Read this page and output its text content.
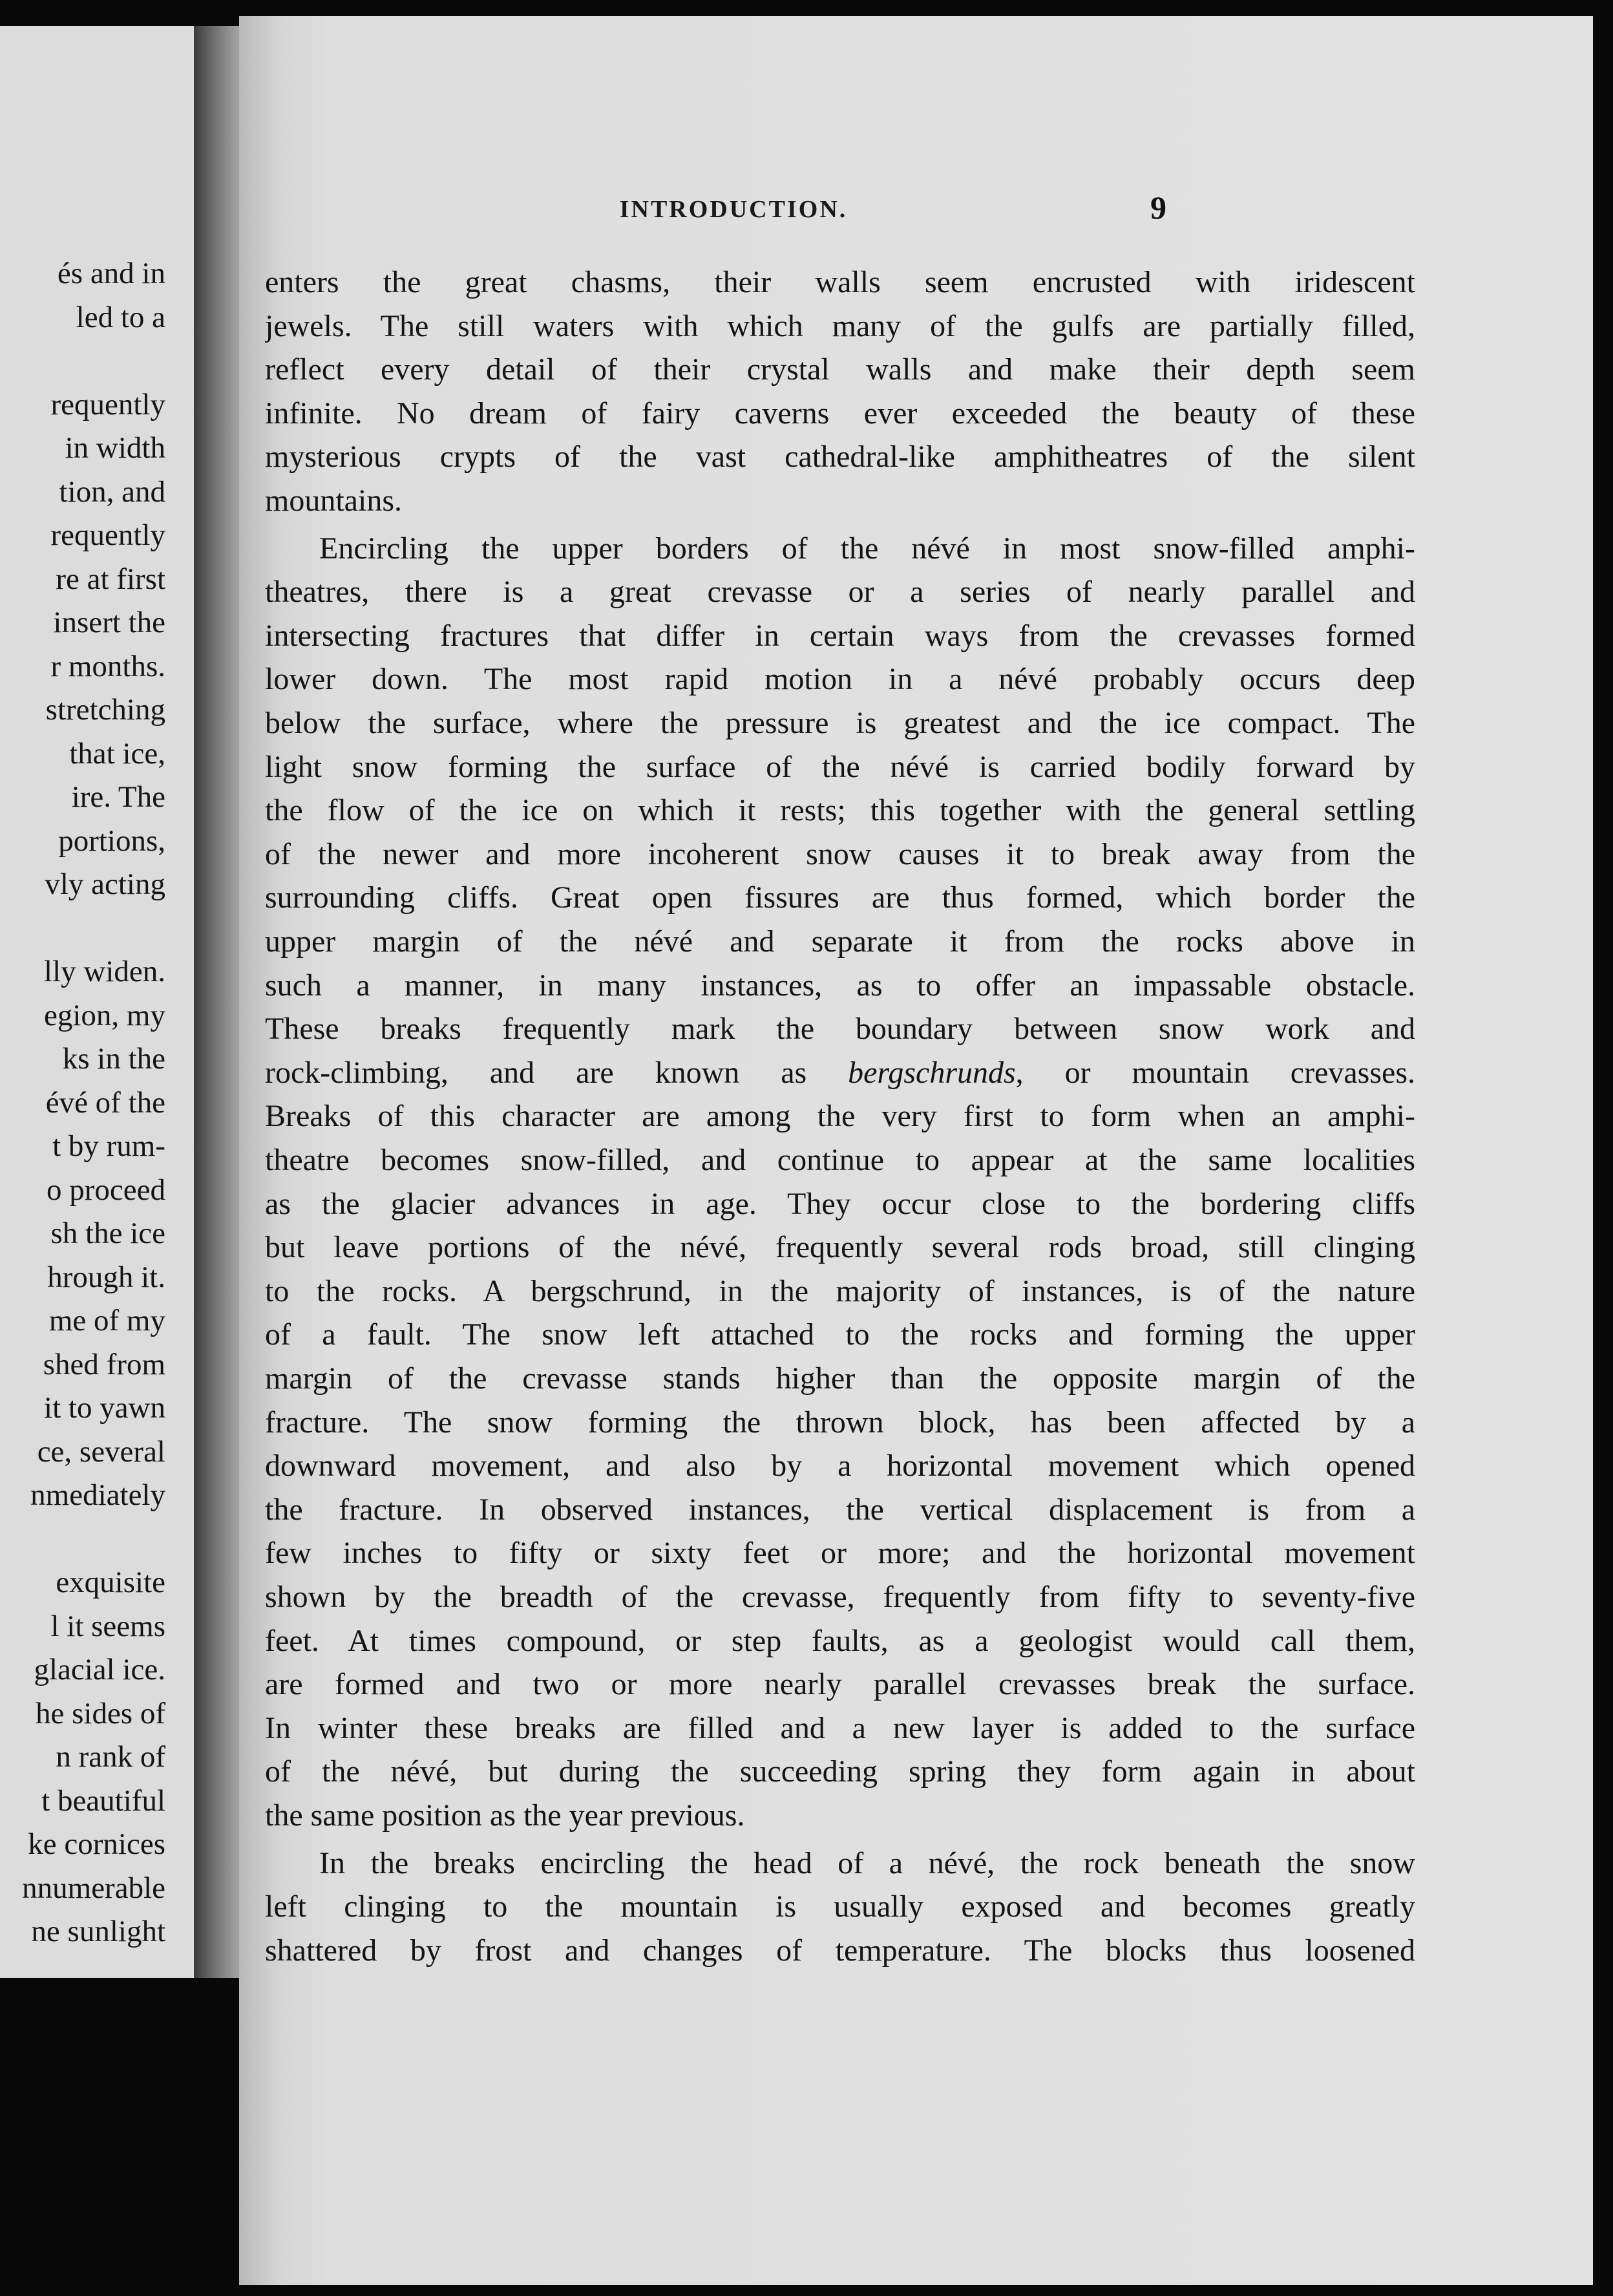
és and in
led to a
requently
in width
tion, and
requently
re at first
insert the
r months.
stretching
that ice,
ire. The
portions,
vly acting
lly widen.
egion, my
ks in the
évé of the
t by rum-
o proceed
sh the ice
hrough it.
me of my
shed from
it to yawn
ce, several
nmediately
exquisite
l it seems
glacial ice.
he sides of
n rank of
t beautiful
ke cornices
nnumerable
ne sunlight
INTRODUCTION.	9
enters the great chasms, their walls seem encrusted with iridescent
jewels. The still waters with which many of the gulfs are partially filled,
reflect every detail of their crystal walls and make their depth seem
infinite. No dream of fairy caverns ever exceeded the beauty of these
mysterious crypts of the vast cathedral-like amphitheatres of the silent
mountains.
Encircling the upper borders of the névé in most snow-filled amphi-
theatres, there is a great crevasse or a series of nearly parallel and
intersecting fractures that differ in certain ways from the crevasses formed
lower down. The most rapid motion in a névé probably occurs deep
below the surface, where the pressure is greatest and the ice compact. The
light snow forming the surface of the névé is carried bodily forward by
the flow of the ice on which it rests; this together with the general settling
of the newer and more incoherent snow causes it to break away from the
surrounding cliffs. Great open fissures are thus formed, which border the
upper margin of the névé and separate it from the rocks above in
such a manner, in many instances, as to offer an impassable obstacle.
These breaks frequently mark the boundary between snow work and
rock-climbing, and are known as bergschrunds, or mountain crevasses.
Breaks of this character are among the very first to form when an amphi-
theatre becomes snow-filled, and continue to appear at the same localities
as the glacier advances in age. They occur close to the bordering cliffs
but leave portions of the névé, frequently several rods broad, still clinging
to the rocks. A bergschrund, in the majority of instances, is of the nature
of a fault. The snow left attached to the rocks and forming the upper
margin of the crevasse stands higher than the opposite margin of the
fracture. The snow forming the thrown block, has been affected by a
downward movement, and also by a horizontal movement which opened
the fracture. In observed instances, the vertical displacement is from a
few inches to fifty or sixty feet or more; and the horizontal movement
shown by the breadth of the crevasse, frequently from fifty to seventy-five
feet. At times compound, or step faults, as a geologist would call them,
are formed and two or more nearly parallel crevasses break the surface.
In winter these breaks are filled and a new layer is added to the surface
of the névé, but during the succeeding spring they form again in about
the same position as the year previous.
In the breaks encircling the head of a névé, the rock beneath the snow
left clinging to the mountain is usually exposed and becomes greatly
shattered by frost and changes of temperature. The blocks thus loosened
